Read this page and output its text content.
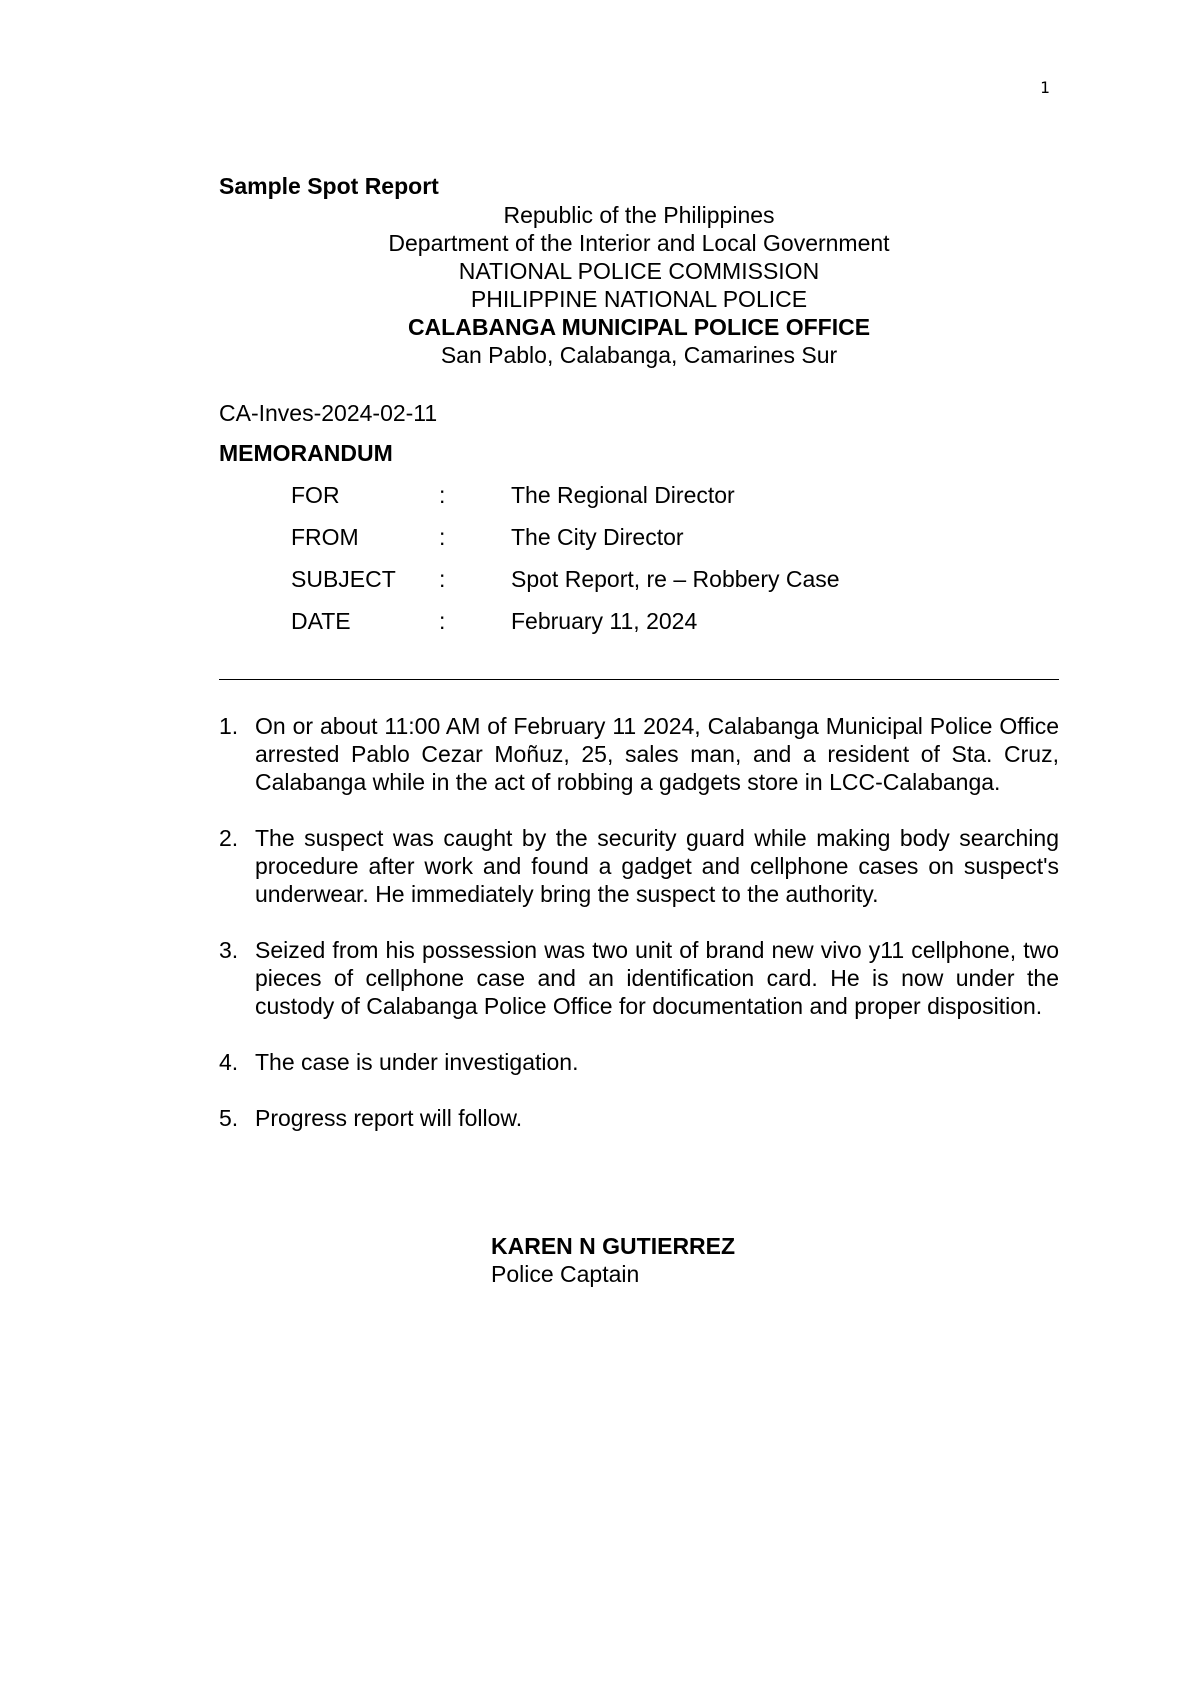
1

Sample Spot Report

Republic of the Philippines
Department of the Interior and Local Government
NATIONAL POLICE COMMISSION
PHILIPPINE NATIONAL POLICE
CALABANGA MUNICIPAL POLICE OFFICE
San Pablo, Calabanga, Camarines Sur
CA-Inves-2024-02-11
MEMORANDUM
FOR	:	The Regional Director
FROM	:	The City Director
SUBJECT	:	Spot Report, re – Robbery Case
DATE	:	February 11, 2024
1. On or about 11:00 AM of February 11 2024, Calabanga Municipal Police Office arrested Pablo Cezar Moñuz, 25, sales man, and a resident of Sta. Cruz, Calabanga while in the act of robbing a gadgets store in LCC-Calabanga.
2. The suspect was caught by the security guard while making body searching procedure after work and found a gadget and cellphone cases on suspect's underwear. He immediately bring the suspect to the authority.
3. Seized from his possession was two unit of brand new vivo y11 cellphone, two pieces of cellphone case and an identification card. He is now under the custody of Calabanga Police Office for documentation and proper disposition.
4. The case is under investigation.
5. Progress report will follow.
KAREN N GUTIERREZ
Police Captain
